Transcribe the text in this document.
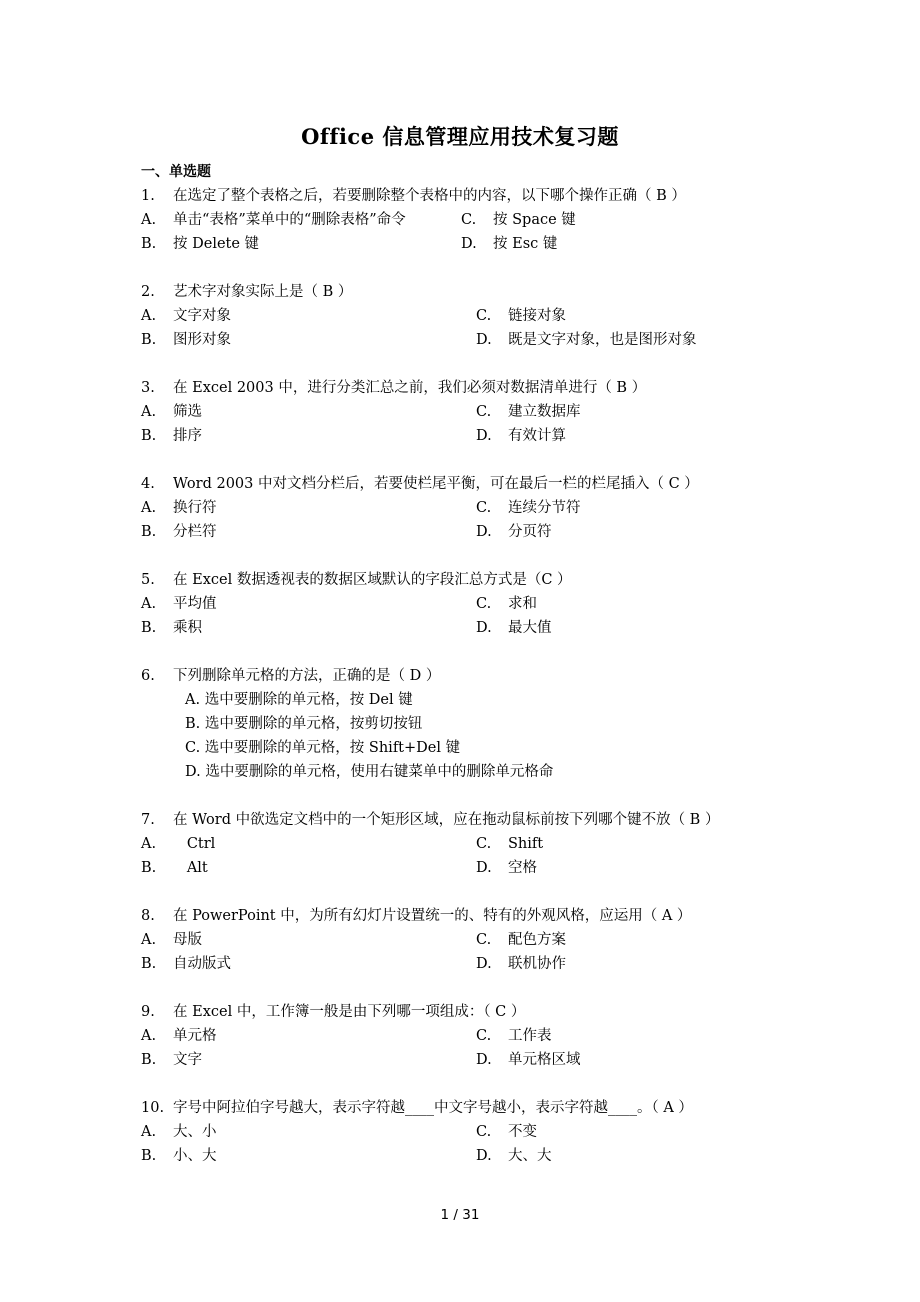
Office 信息管理应用技术复习题
一、单选题
1. 在选定了整个表格之后，若要删除整个表格中的内容，以下哪个操作正确（ B ）
A. 单击“表格”菜单中的“删除表格”命令	C. 按 Space 键
B. 按 Delete 键	D. 按 Esc 键
2. 艺术字对象实际上是（ B ）
A. 文字对象	C. 链接对象
B. 图形对象	D. 既是文字对象，也是图形对象
3. 在 Excel 2003 中，进行分类汇总之前，我们必须对数据清单进行（ B ）
A. 筛选	C. 建立数据库
B. 排序	D. 有效计算
4. Word 2003 中对文档分栏后，若要使栏尾平衡，可在最后一栏的栏尾插入（ C ）
A. 换行符	C. 连续分节符
B. 分栏符	D. 分页符
5. 在 Excel 数据透视表的数据区域默认的字段汇总方式是（C ）
A. 平均值	C. 求和
B. 乘积	D. 最大值
6. 下列删除单元格的方法，正确的是（ D ）
A. 选中要删除的单元格，按 Del 键
B. 选中要删除的单元格，按剪切按钮
C. 选中要删除的单元格，按 Shift+Del 键
D. 选中要删除的单元格，使用右键菜单中的删除单元格命
7. 在 Word 中欲选定文档中的一个矩形区域，应在拖动鼠标前按下列哪个键不放（ B ）
A.   Ctrl	C. Shift
B.   Alt	D. 空格
8. 在 PowerPoint 中，为所有幻灯片设置统一的、特有的外观风格，应运用（ A ）
A. 母版	C. 配色方案
B. 自动版式	D. 联机协作
9. 在 Excel 中，工作簿一般是由下列哪一项组成：（ C ）
A. 单元格	C. 工作表
B. 文字	D. 单元格区域
10. 字号中阿拉伯字号越大，表示字符越____中文字号越小，表示字符越____。（ A ）
A. 大、小	C. 不变
B. 小、大	D. 大、大
1 / 31
